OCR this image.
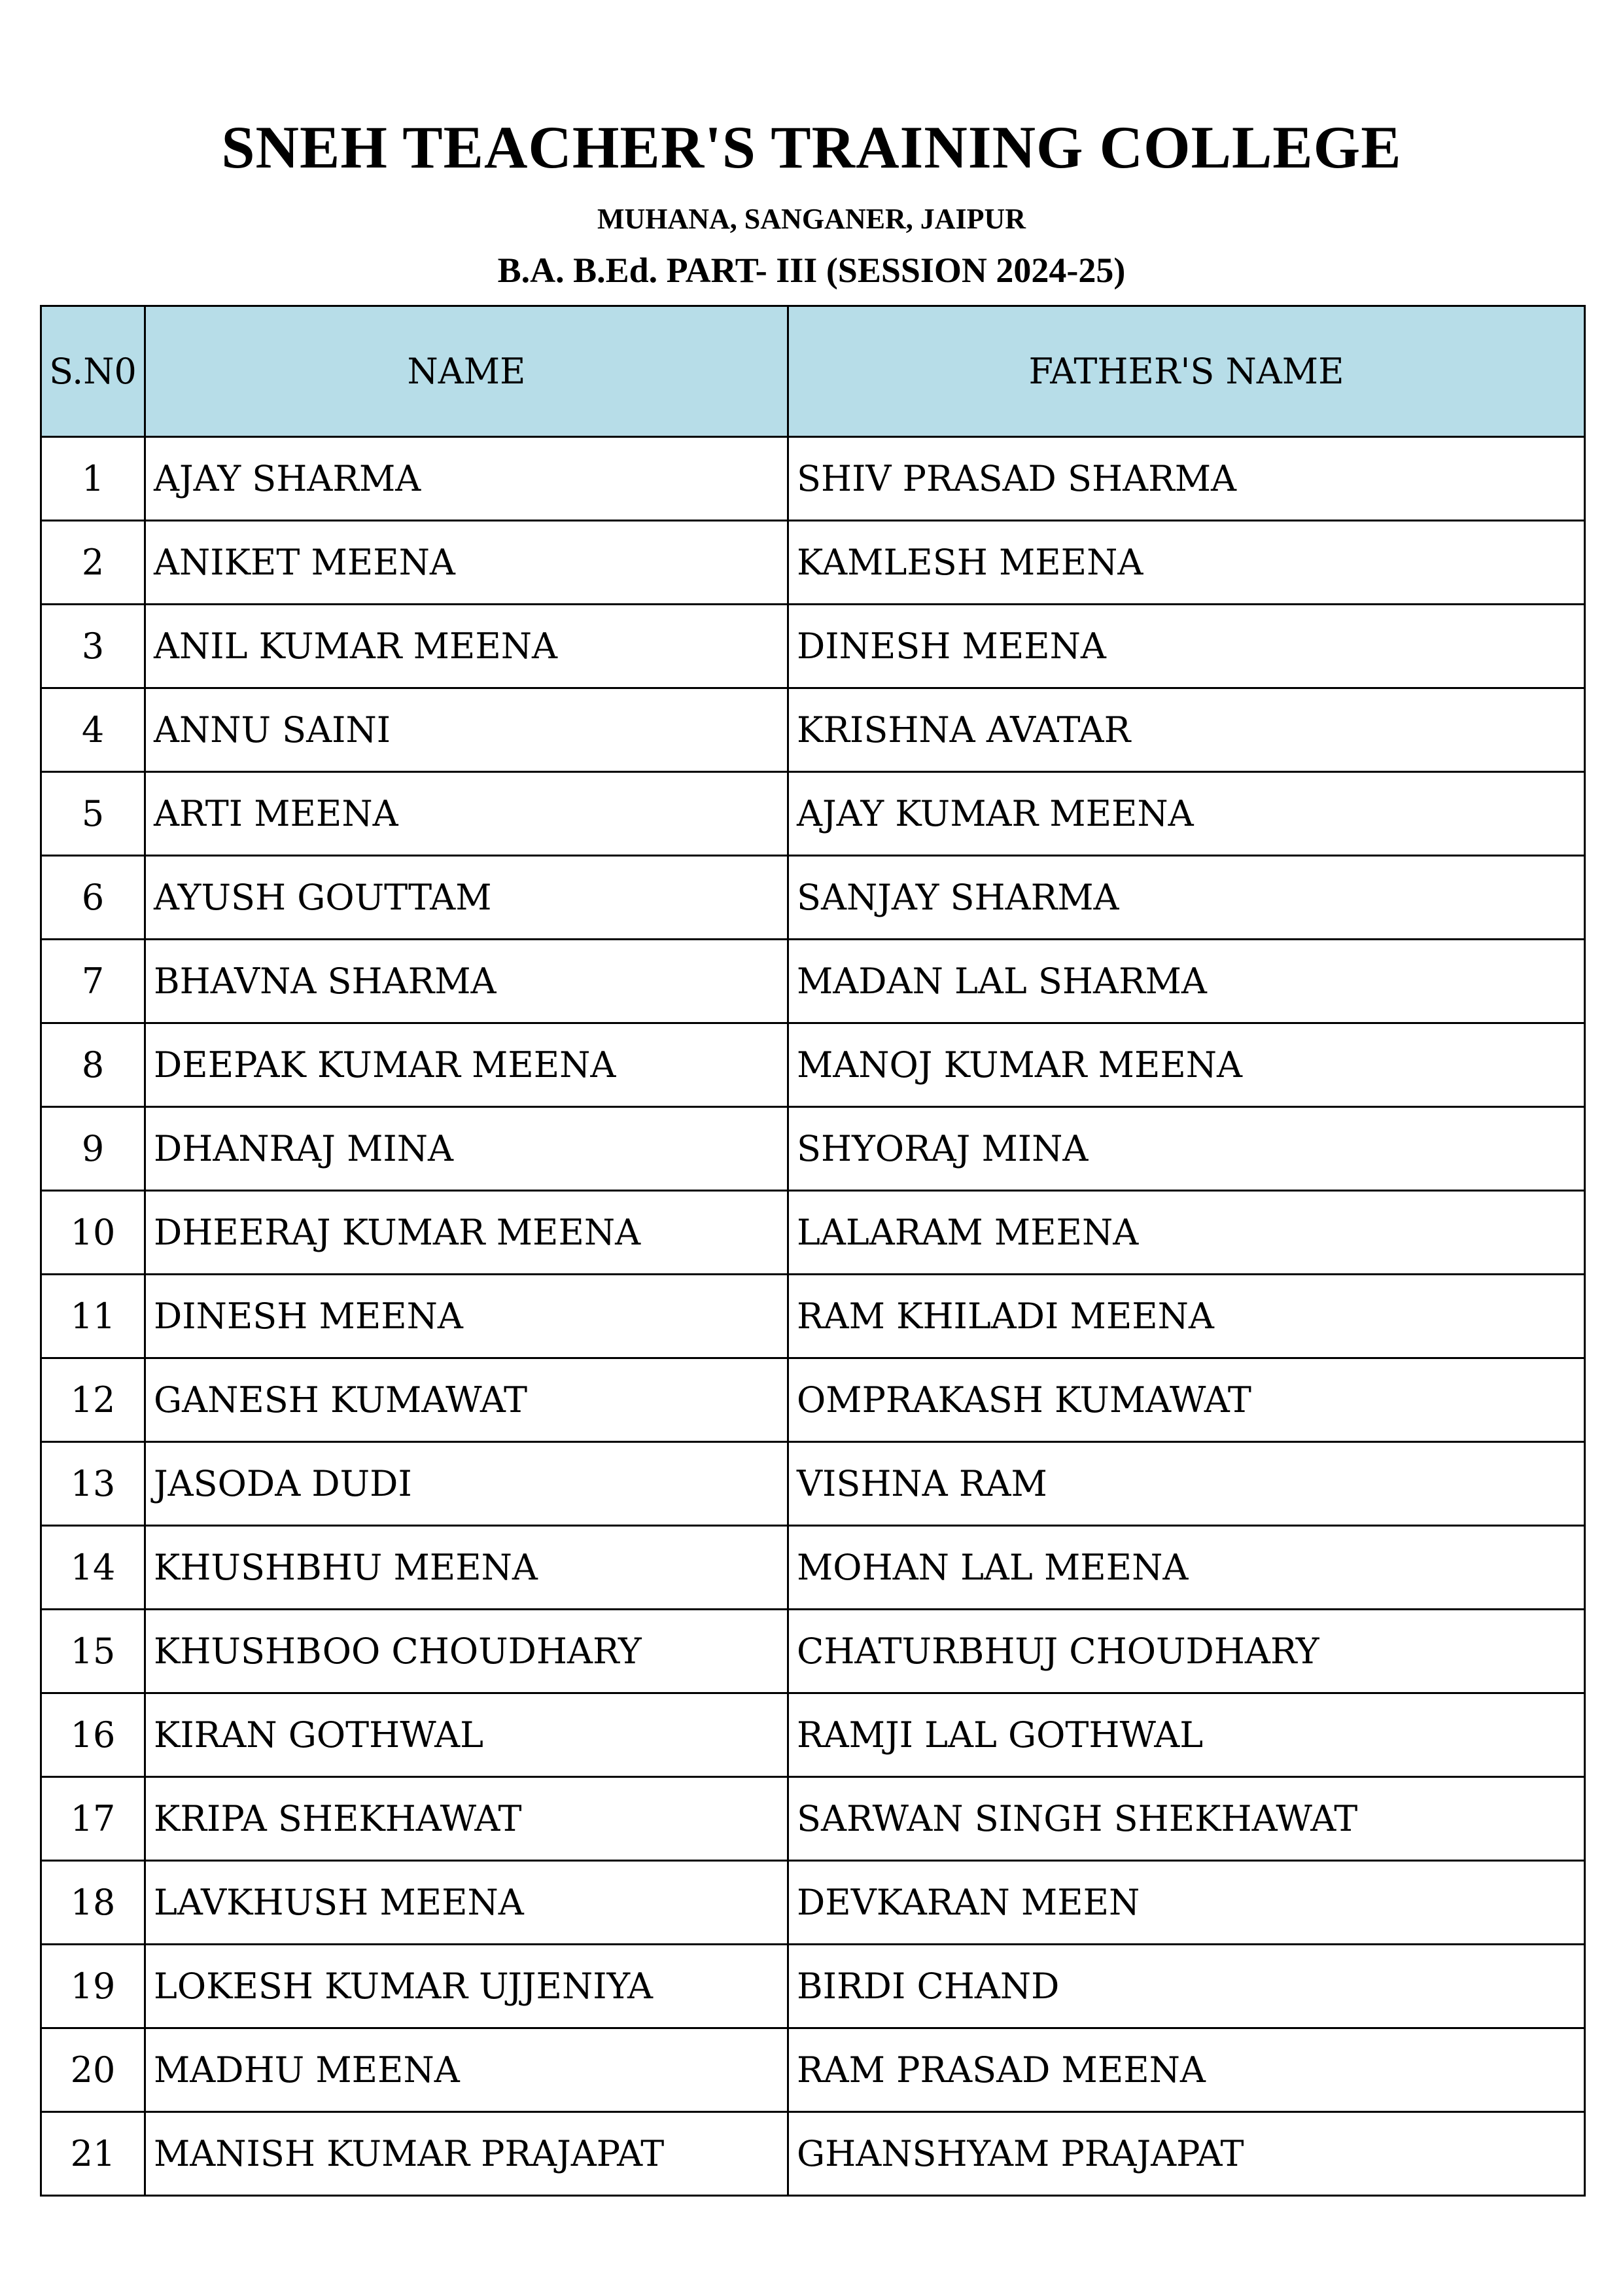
SNEH TEACHER'S TRAINING COLLEGE
MUHANA, SANGANER, JAIPUR
B.A. B.Ed. PART- III (SESSION 2024-25)
S.N0	NAME	FATHER'S NAME
1	AJAY SHARMA	SHIV PRASAD SHARMA
2	ANIKET MEENA	KAMLESH MEENA
3	ANIL KUMAR MEENA	DINESH MEENA
4	ANNU SAINI	KRISHNA AVATAR
5	ARTI MEENA	AJAY KUMAR MEENA
6	AYUSH GOUTTAM	SANJAY SHARMA
7	BHAVNA SHARMA	MADAN LAL SHARMA
8	DEEPAK KUMAR MEENA	MANOJ KUMAR MEENA
9	DHANRAJ MINA	SHYORAJ MINA
10	DHEERAJ KUMAR MEENA	LALARAM MEENA
11	DINESH MEENA	RAM KHILADI MEENA
12	GANESH KUMAWAT	OMPRAKASH KUMAWAT
13	JASODA DUDI	VISHNA RAM
14	KHUSHBHU MEENA	MOHAN LAL MEENA
15	KHUSHBOO CHOUDHARY	CHATURBHUJ CHOUDHARY
16	KIRAN GOTHWAL	RAMJI LAL GOTHWAL
17	KRIPA SHEKHAWAT	SARWAN SINGH SHEKHAWAT
18	LAVKHUSH MEENA	DEVKARAN MEEN
19	LOKESH KUMAR UJJENIYA	BIRDI CHAND
20	MADHU MEENA	RAM PRASAD MEENA
21	MANISH KUMAR PRAJAPAT	GHANSHYAM PRAJAPAT
